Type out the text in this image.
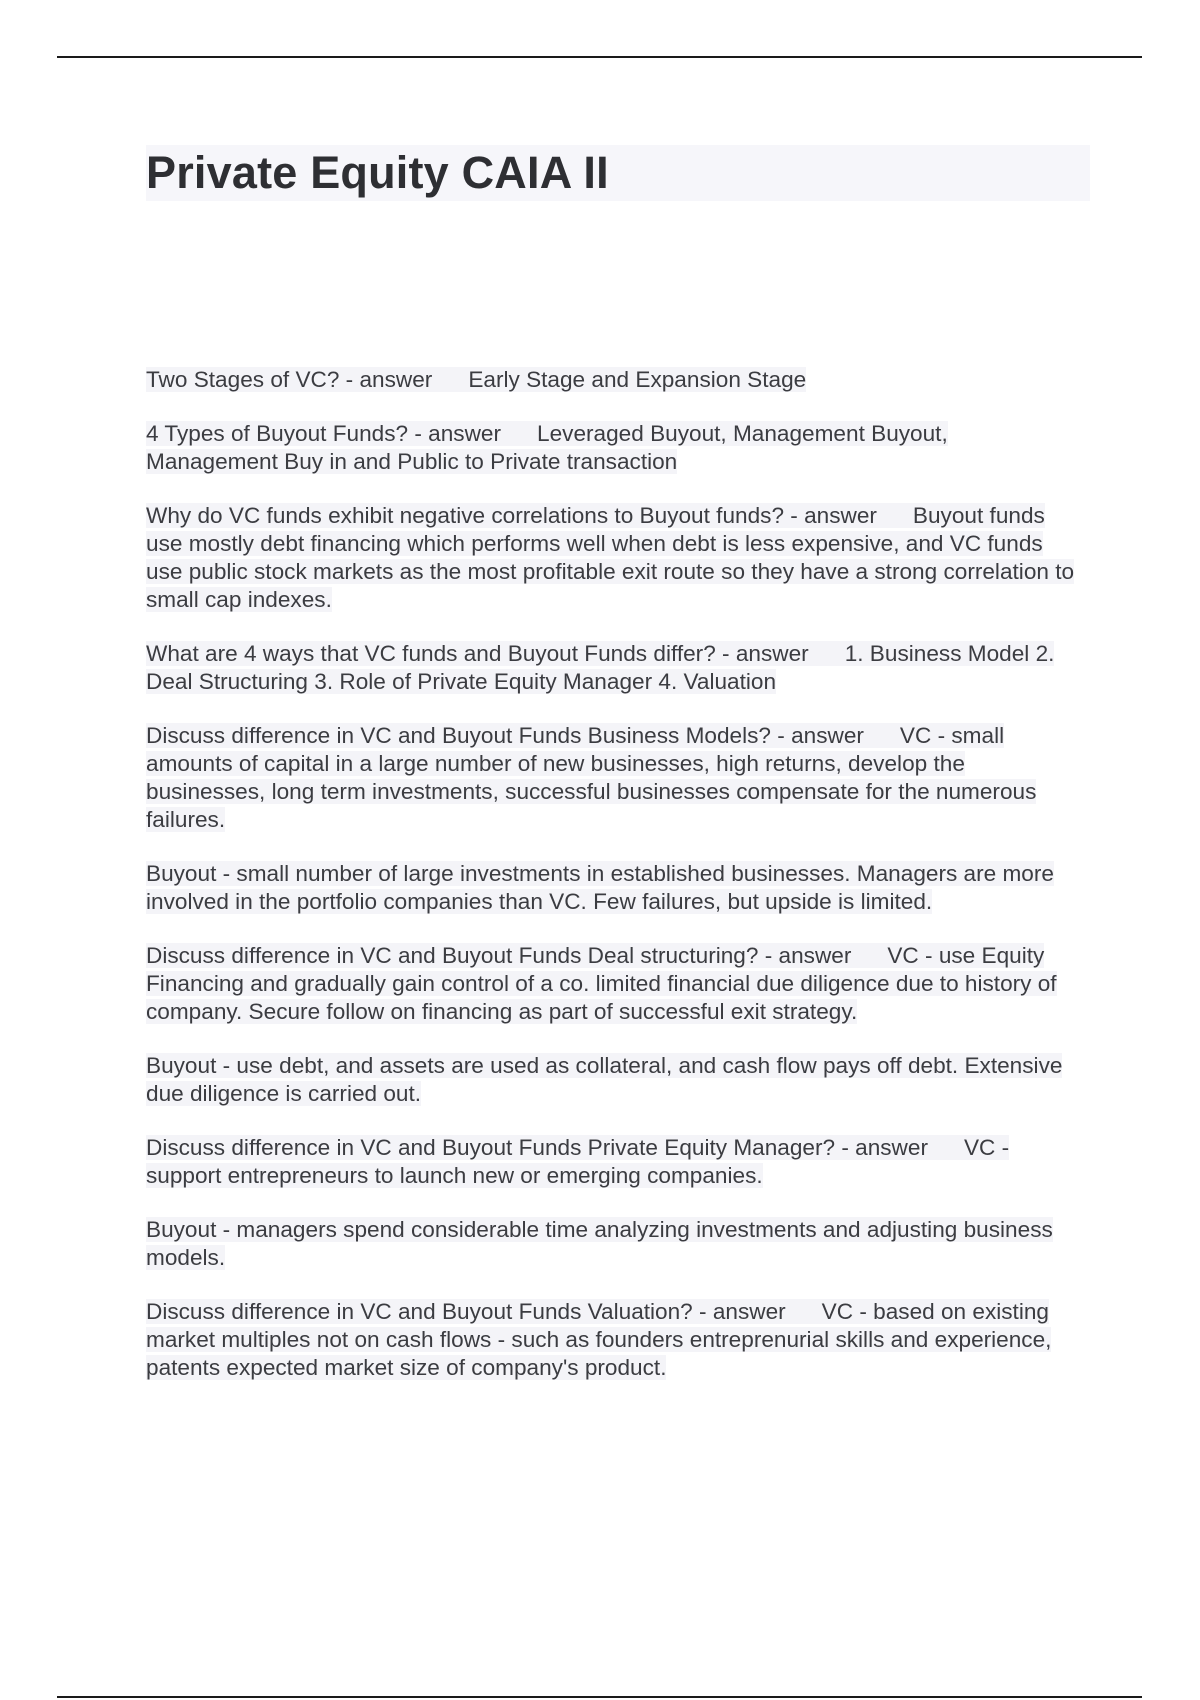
Private Equity CAIA II

Two Stages of VC? - answer Early Stage and Expansion Stage

4 Types of Buyout Funds? - answer Leveraged Buyout, Management Buyout, Management Buy in and Public to Private transaction

Why do VC funds exhibit negative correlations to Buyout funds? - answer Buyout funds use mostly debt financing which performs well when debt is less expensive, and VC funds use public stock markets as the most profitable exit route so they have a strong correlation to small cap indexes.

What are 4 ways that VC funds and Buyout Funds differ? - answer 1. Business Model 2. Deal Structuring 3. Role of Private Equity Manager 4. Valuation

Discuss difference in VC and Buyout Funds Business Models? - answer VC - small amounts of capital in a large number of new businesses, high returns, develop the businesses, long term investments, successful businesses compensate for the numerous failures.

Buyout - small number of large investments in established businesses. Managers are more involved in the portfolio companies than VC. Few failures, but upside is limited.

Discuss difference in VC and Buyout Funds Deal structuring? - answer VC - use Equity Financing and gradually gain control of a co. limited financial due diligence due to history of company. Secure follow on financing as part of successful exit strategy.

Buyout - use debt, and assets are used as collateral, and cash flow pays off debt. Extensive due diligence is carried out.

Discuss difference in VC and Buyout Funds Private Equity Manager? - answer VC - support entrepreneurs to launch new or emerging companies.

Buyout - managers spend considerable time analyzing investments and adjusting business models.

Discuss difference in VC and Buyout Funds Valuation? - answer VC - based on existing market multiples not on cash flows - such as founders entreprenurial skills and experience, patents expected market size of company's product.
